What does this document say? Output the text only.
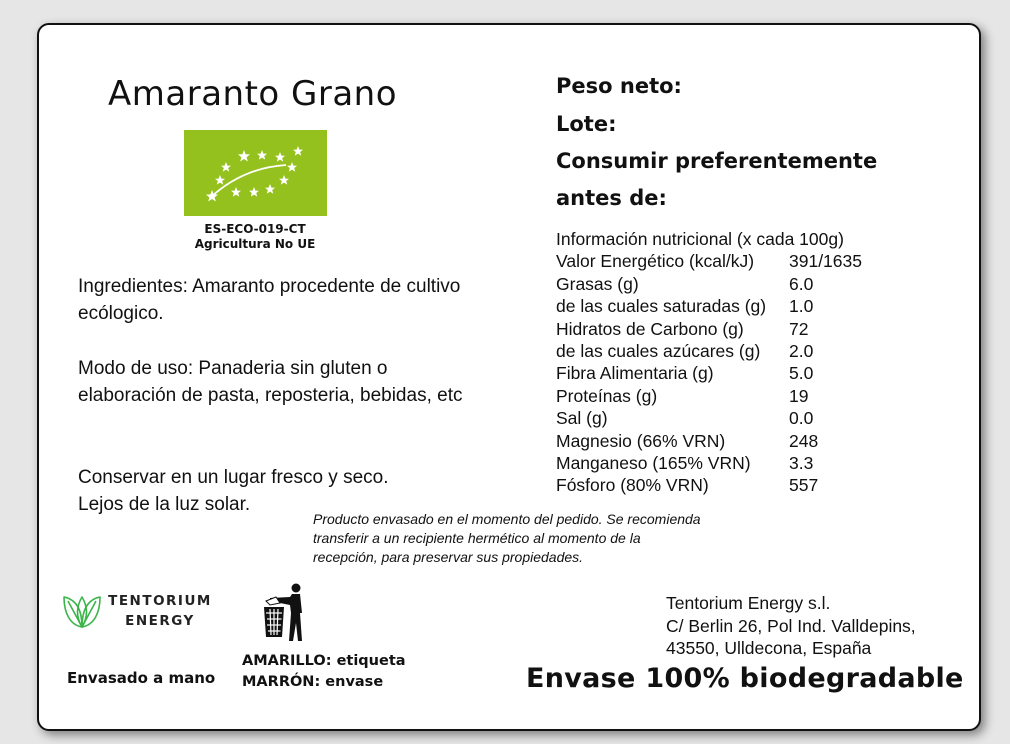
Amaranto Grano
ES-ECO-019-CT
Agricultura No UE
Ingredientes: Amaranto procedente de cultivo ecólogico.
Modo de uso: Panaderia sin gluten o elaboración de pasta, reposteria, bebidas, etc
Conservar en un lugar fresco y seco.
Lejos de la luz solar.
Peso neto:
Lote:
Consumir preferentemente
antes de:
Información nutricional (x cada 100g)
Valor Energético (kcal/kJ)	391/1635
Grasas (g)	6.0
de las cuales saturadas (g)	1.0
Hidratos de Carbono (g)	72
de las cuales azúcares (g)	2.0
Fibra Alimentaria (g)	5.0
Proteínas (g)	19
Sal (g)	0.0
Magnesio (66% VRN)	248
Manganeso (165% VRN)	3.3
Fósforo (80% VRN)	557
Producto envasado en el momento del pedido. Se recomienda transferir a un recipiente hermético al momento de la recepción, para preservar sus propiedades.
TENTORIUM
ENERGY
AMARILLO: etiqueta
MARRÓN: envase
Envasado a mano
Tentorium Energy s.l.
C/ Berlin 26, Pol Ind. Valldepins,
43550, Ulldecona, España
Envase 100% biodegradable
